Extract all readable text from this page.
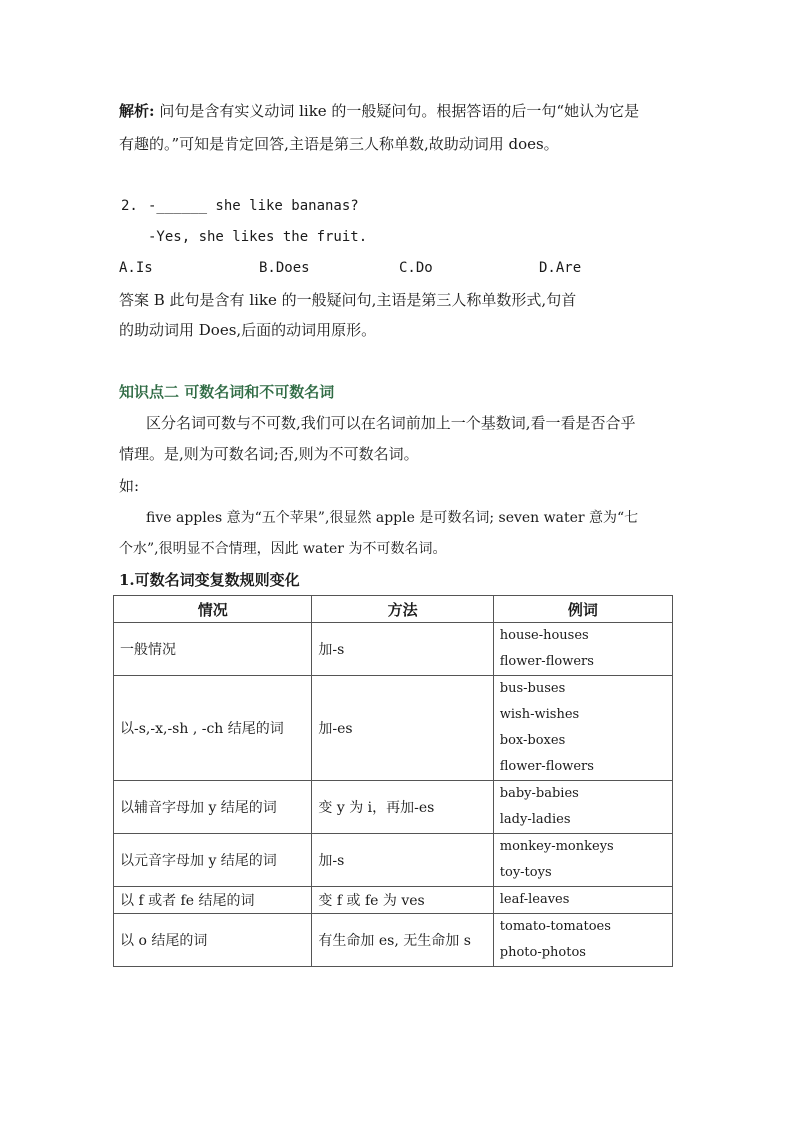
解析: 问句是含有实义动词 like 的一般疑问句。根据答语的后一句“她认为它是
有趣的。”可知是肯定回答,主语是第三人称单数,故助动词用 does。
2. -______ she like bananas?
-Yes, she likes the fruit.
A.Is	B.Does	C.Do	D.Are
答案 B 此句是含有 like 的一般疑问句,主语是第三人称单数形式,句首
的助动词用 Does,后面的动词用原形。
知识点二 可数名词和不可数名词
区分名词可数与不可数,我们可以在名词前加上一个基数词,看一看是否合乎
情理。是,则为可数名词;否,则为不可数名词。
如:
five apples 意为“五个苹果”,很显然 apple 是可数名词; seven water 意为“七
个水”,很明显不合情理，因此 water 为不可数名词。
1.可数名词变复数规则变化
情况	方法	例词
一般情况	加-s	house-houses
flower-flowers

以-s,-x,-sh , -ch 结尾的词	加-es	bus-buses
wish-wishes
box-boxes
flower-flowers

以辅音字母加 y 结尾的词	变 y 为 i，再加-es	baby-babies
lady-ladies

以元音字母加 y 结尾的词	加-s	monkey-monkeys
toy-toys

以 f 或者 fe 结尾的词	变 f 或 fe 为 ves	leaf-leaves

以 o 结尾的词	有生命加 es, 无生命加 s	tomato-tomatoes
photo-photos
